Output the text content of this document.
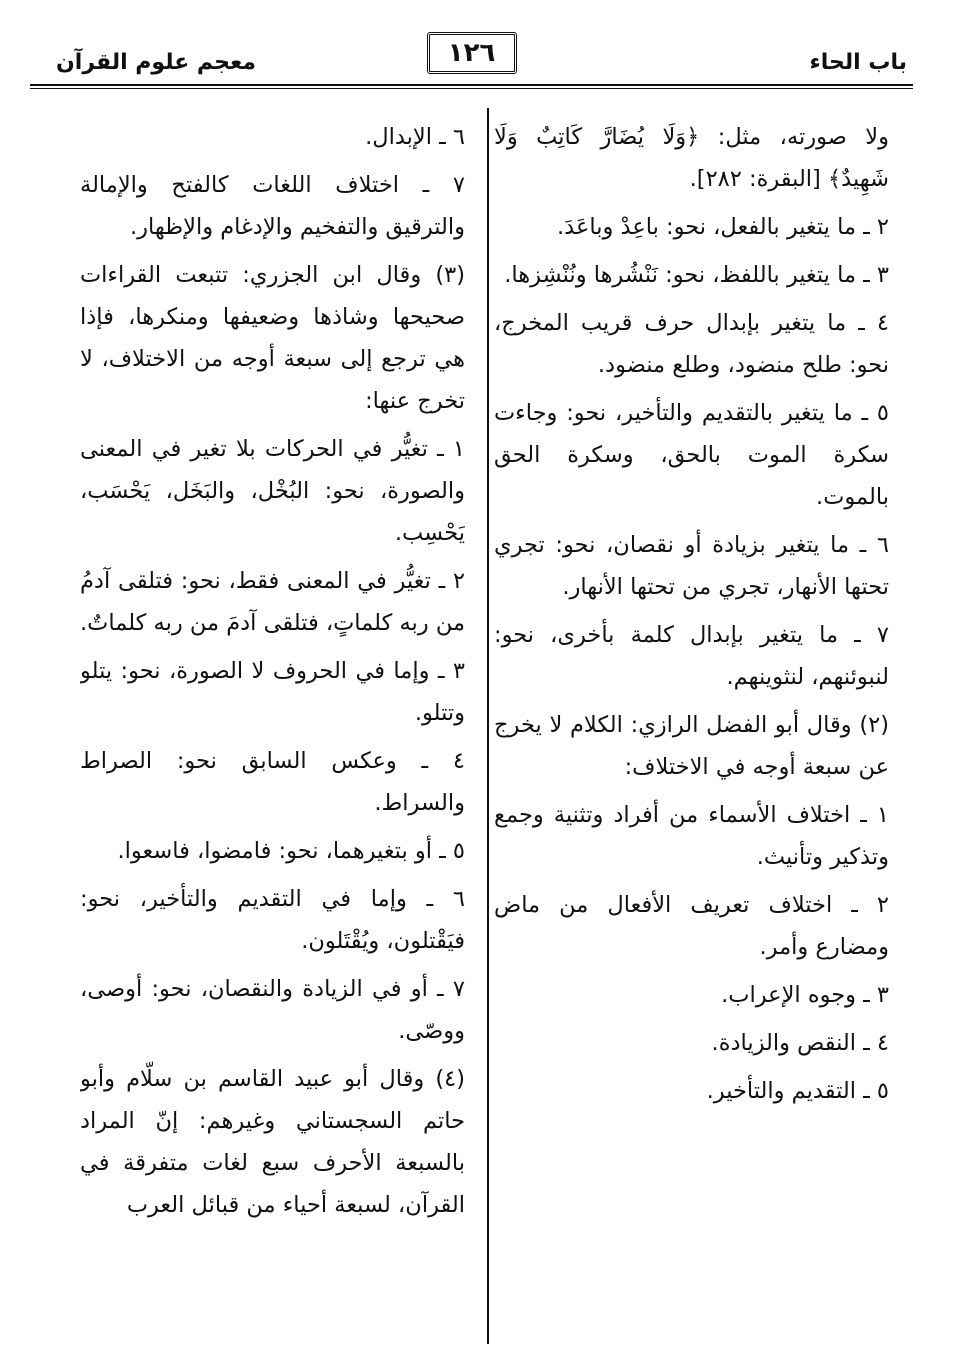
باب الحاء
١٢٦
معجم علوم القرآن

ولا صورته، مثل: ﴿وَلَا يُضَارَّ كَاتِبٌ وَلَا شَهِيدٌ﴾ [البقرة: ٢٨٢].

٢ ـ ما يتغير بالفعل، نحو: باعِدْ وباعَدَ.

٣ ـ ما يتغير باللفظ، نحو: نَنْشُرها ونُنْشِزها.

٤ ـ ما يتغير بإبدال حرف قريب المخرج، نحو: طلح منضود، وطلع منضود.

٥ ـ ما يتغير بالتقديم والتأخير، نحو: وجاءت سكرة الموت بالحق، وسكرة الحق بالموت.

٦ ـ ما يتغير بزيادة أو نقصان، نحو: تجري تحتها الأنهار، تجري من تحتها الأنهار.

٧ ـ ما يتغير بإبدال كلمة بأخرى، نحو: لنبوئنهم، لنثوينهم.

(٢) وقال أبو الفضل الرازي: الكلام لا يخرج عن سبعة أوجه في الاختلاف:

١ ـ اختلاف الأسماء من أفراد وتثنية وجمع وتذكير وتأنيث.

٢ ـ اختلاف تعريف الأفعال من ماض ومضارع وأمر.

٣ ـ وجوه الإعراب.

٤ ـ النقص والزيادة.

٥ ـ التقديم والتأخير.

٦ ـ الإبدال.

٧ ـ اختلاف اللغات كالفتح والإمالة والترقيق والتفخيم والإدغام والإظهار.

(٣) وقال ابن الجزري: تتبعت القراءات صحيحها وشاذها وضعيفها ومنكرها، فإذا هي ترجع إلى سبعة أوجه من الاختلاف، لا تخرج عنها:

١ ـ تغيُّر في الحركات بلا تغير في المعنى والصورة، نحو: البُخْل، والبَخَل، يَحْسَب، يَحْسِب.

٢ ـ تغيُّر في المعنى فقط، نحو: فتلقى آدمُ من ربه كلماتٍ، فتلقى آدمَ من ربه كلماتٌ.

٣ ـ وإما في الحروف لا الصورة، نحو: يتلو وتتلو.

٤ ـ وعكس السابق نحو: الصراط والسراط.

٥ ـ أو بتغيرهما، نحو: فامضوا، فاسعوا.

٦ ـ وإما في التقديم والتأخير، نحو: فيَقْتلون، ويُقْتَلون.

٧ ـ أو في الزيادة والنقصان، نحو: أوصى، ووصّى.

(٤) وقال أبو عبيد القاسم بن سلّام وأبو حاتم السجستاني وغيرهم: إنّ المراد بالسبعة الأحرف سبع لغات متفرقة في القرآن، لسبعة أحياء من قبائل العرب
